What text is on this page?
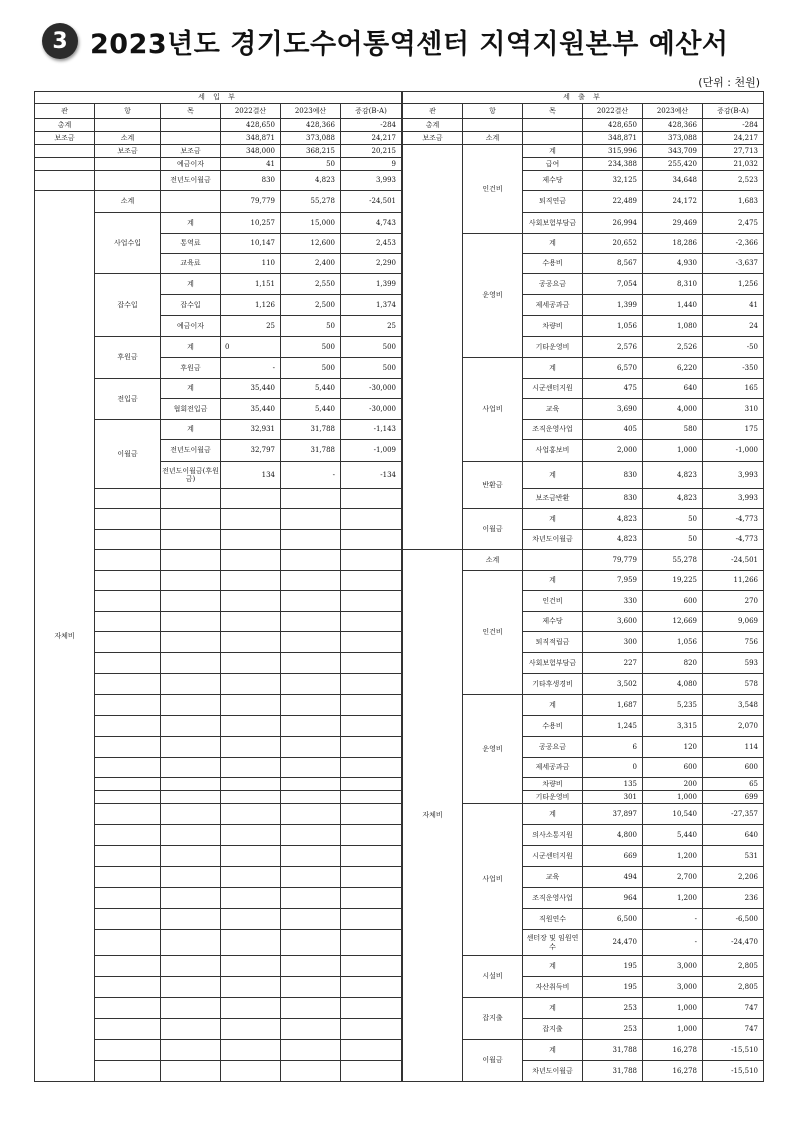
3 2023년도 경기도수어통역센터 지역지원본부 예산서
(단위 : 천원)
세 입 부					
관	항	목	2022결산	2023예산	증감(B-A)
총계			428,650	428,366	-284
보조금	소계		348,871	373,088	24,217
	보조금	보조금	348,000	368,215	20,215
		예금이자	41	50	9
		전년도이월금	830	4,823	3,993
자체비	소계		79,779	55,278	-24,501
	사업수입	계	10,257	15,000	4,743
		통역료	10,147	12,600	2,453
		교육료	110	2,400	2,290
	잡수입	계	1,151	2,550	1,399
		잡수입	1,126	2,500	1,374
		예금이자	25	50	25
	후원금	계	0	500	500
		후원금	-	500	500
	전입금	계	35,440	5,440	-30,000
		협회전입금	35,440	5,440	-30,000
	이월금	계	32,931	31,788	-1,143
		전년도이월금	32,797	31,788	-1,009
		전년도이월금(후원금)	134	-	-134

세 출 부					
관	항	목	2022결산	2023예산	증감(B-A)
총계			428,650	428,366	-284
보조금	소계		348,871	373,088	24,217
	인건비	계	315,996	343,709	27,713
		급여	234,388	255,420	21,032
		제수당	32,125	34,648	2,523
		퇴직연금	22,489	24,172	1,683
		사회보험부담금	26,994	29,469	2,475
	운영비	계	20,652	18,286	-2,366
		수용비	8,567	4,930	-3,637
		공공요금	7,054	8,310	1,256
		제세공과금	1,399	1,440	41
		차량비	1,056	1,080	24
		기타운영비	2,576	2,526	-50
	사업비	계	6,570	6,220	-350
		시군센터지원	475	640	165
		교육	3,690	4,000	310
		조직운영사업	405	580	175
		사업홍보비	2,000	1,000	-1,000
	반환금	계	830	4,823	3,993
		보조금반환	830	4,823	3,993
	이월금	계	4,823	50	-4,773
		차년도이월금	4,823	50	-4,773
자체비	소계		79,779	55,278	-24,501
	인건비	계	7,959	19,225	11,266
		인건비	330	600	270
		제수당	3,600	12,669	9,069
		퇴직적립금	300	1,056	756
		사회보험부담금	227	820	593
		기타후생경비	3,502	4,080	578
	운영비	계	1,687	5,235	3,548
		수용비	1,245	3,315	2,070
		공공요금	6	120	114
		제세공과금	0	600	600
		차량비	135	200	65
		기타운영비	301	1,000	699
	사업비	계	37,897	10,540	-27,357
		의사소통지원	4,800	5,440	640
		시군센터지원	669	1,200	531
		교육	494	2,700	2,206
		조직운영사업	964	1,200	236
		직원연수	6,500	-	-6,500
		센터장 및 임원연수	24,470	-	-24,470
	시설비	계	195	3,000	2,805
		자산취득비	195	3,000	2,805
	잡지출	계	253	1,000	747
		잡지출	253	1,000	747
	이월금	계	31,788	16,278	-15,510
		차년도이월금	31,788	16,278	-15,510
